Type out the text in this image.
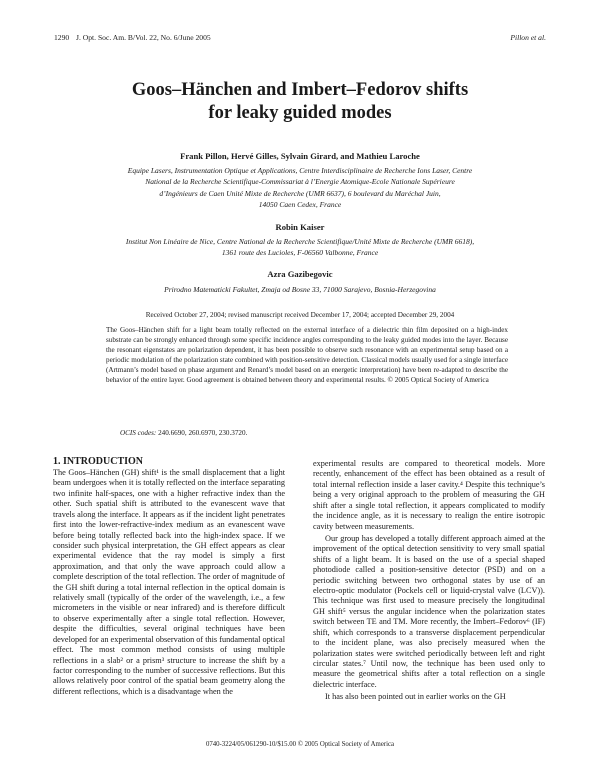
1290 J. Opt. Soc. Am. B/Vol. 22, No. 6/June 2005	Pillon et al.
Goos–Hänchen and Imbert–Fedorov shifts
for leaky guided modes
Frank Pillon, Hervé Gilles, Sylvain Girard, and Mathieu Laroche
Equipe Lasers, Instrumentation Optique et Applications, Centre Interdisciplinaire de Recherche Ions Laser, Centre
National de la Recherche Scientifique-Commissariat à l’Energie Atomique-Ecole Nationale Supérieure
d’Ingénieurs de Caen Unité Mixte de Recherche (UMR 6637), 6 boulevard du Maréchal Juin,
14050 Caen Cedex, France
Robin Kaiser
Institut Non Linéaire de Nice, Centre National de la Recherche Scientifique/Unité Mixte de Recherche (UMR 6618),
1361 route des Lucioles, F-06560 Valbonne, France
Azra Gazibegovic
Prirodno Matematicki Fakultet, Zmaja od Bosne 33, 71000 Sarajevo, Bosnia-Herzegovina
Received October 27, 2004; revised manuscript received December 17, 2004; accepted December 29, 2004
The Goos–Hänchen shift for a light beam totally reflected on the external interface of a dielectric thin film deposited on a high-index substrate can be strongly enhanced through some specific incidence angles corresponding to the leaky guided modes into the layer. Because the resonant eigenstates are polarization dependent, it has been possible to observe such resonance with an experimental setup based on a periodic modulation of the polarization state combined with position-sensitive detection. Classical models usually used for a single interface (Artmann’s model based on phase argument and Renard’s model based on an energetic interpretation) have been re-adapted to describe the behavior of the entire layer. Good agreement is obtained between theory and experimental results. © 2005 Optical Society of America
OCIS codes: 240.6690, 260.6970, 230.3720.
1. INTRODUCTION

The Goos–Hänchen (GH) shift¹ is the small displacement that a light beam undergoes when it is totally reflected on the interface separating two infinite half-spaces, one with a higher refractive index than the other. Such spatial shift is attributed to the evanescent wave that travels along the interface. It appears as if the incident light penetrates first into the lower-refractive-index medium as an evanescent wave before being totally reflected back into the high-index space. If we consider such physical interpretation, the GH effect appears as clear experimental evidence that the ray model is simply a first approximation, and that only the wave approach could allow a complete description of the total reflection. The order of magnitude of the GH shift during a total internal reflection in the optical domain is relatively small (typically of the order of the wavelength, i.e., a few micrometers in the visible or near infrared) and is therefore difficult to observe experimentally after a single total reflection. However, despite the difficulties, several original techniques have been developed for an experimental observation of this fundamental optical effect. The most common method consists of using multiple reflections in a slab² or a prism³ structure to increase the shift by a factor corresponding to the number of successive reflections. But this allows relatively poor control of the spatial beam geometry along the different reflections, which is a disadvantage when the

experimental results are compared to theoretical models. More recently, enhancement of the effect has been obtained as a result of total internal reflection inside a laser cavity.⁴ Despite this technique’s being a very original approach to the problem of measuring the GH shift after a single total reflection, it appears complicated to modify the incidence angle, as it is necessary to realign the entire isotropic cavity between measurements.

Our group has developed a totally different approach aimed at the improvement of the optical detection sensitivity to very small spatial shifts of a light beam. It is based on the use of a special shaped photodiode called a position-sensitive detector (PSD) and on a periodic switching between two orthogonal states by use of an electro-optic modulator (Pockels cell or liquid-crystal valve (LCV)). This technique was first used to measure precisely the longitudinal GH shift⁵ versus the angular incidence when the polarization states switch between TE and TM. More recently, the Imbert–Fedorov⁶ (IF) shift, which corresponds to a transverse displacement perpendicular to the incident plane, was also precisely measured when the polarization states were switched periodically between left and right circular states.⁷ Until now, the technique has been used only to measure the geometrical shifts after a total reflection on a single dielectric interface.

It has also been pointed out in earlier works on the GH

0740-3224/05/061290-10/$15.00 © 2005 Optical Society of America
